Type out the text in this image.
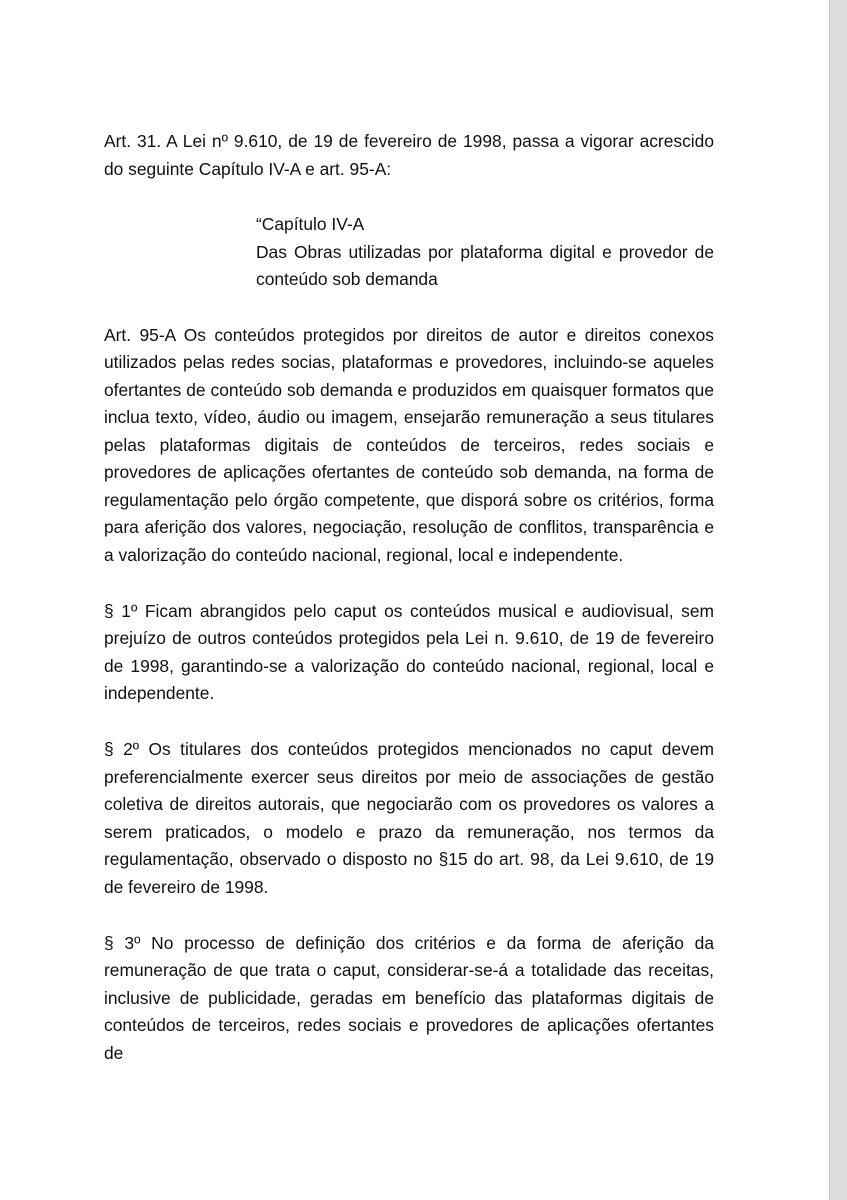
Art. 31. A Lei nº 9.610, de 19 de fevereiro de 1998, passa a vigorar acrescido do seguinte Capítulo IV-A e art. 95-A:

“Capítulo IV-A
Das Obras utilizadas por plataforma digital e provedor de conteúdo sob demanda

Art. 95-A Os conteúdos protegidos por direitos de autor e direitos conexos utilizados pelas redes socias, plataformas e provedores, incluindo-se aqueles ofertantes de conteúdo sob demanda e produzidos em quaisquer formatos que inclua texto, vídeo, áudio ou imagem, ensejarão remuneração a seus titulares pelas plataformas digitais de conteúdos de terceiros, redes sociais e provedores de aplicações ofertantes de conteúdo sob demanda, na forma de regulamentação pelo órgão competente, que disporá sobre os critérios, forma para aferição dos valores, negociação, resolução de conflitos, transparência e a valorização do conteúdo nacional, regional, local e independente.

§ 1º Ficam abrangidos pelo caput os conteúdos musical e audiovisual, sem prejuízo de outros conteúdos protegidos pela Lei n. 9.610, de 19 de fevereiro de 1998, garantindo-se a valorização do conteúdo nacional, regional, local e independente.

§ 2º Os titulares dos conteúdos protegidos mencionados no caput devem preferencialmente exercer seus direitos por meio de associações de gestão coletiva de direitos autorais, que negociarão com os provedores os valores a serem praticados, o modelo e prazo da remuneração, nos termos da regulamentação, observado o disposto no §15 do art. 98, da Lei 9.610, de 19 de fevereiro de 1998.

§ 3º No processo de definição dos critérios e da forma de aferição da remuneração de que trata o caput, considerar-se-á a totalidade das receitas, inclusive de publicidade, geradas em benefício das plataformas digitais de conteúdos de terceiros, redes sociais e provedores de aplicações ofertantes de
